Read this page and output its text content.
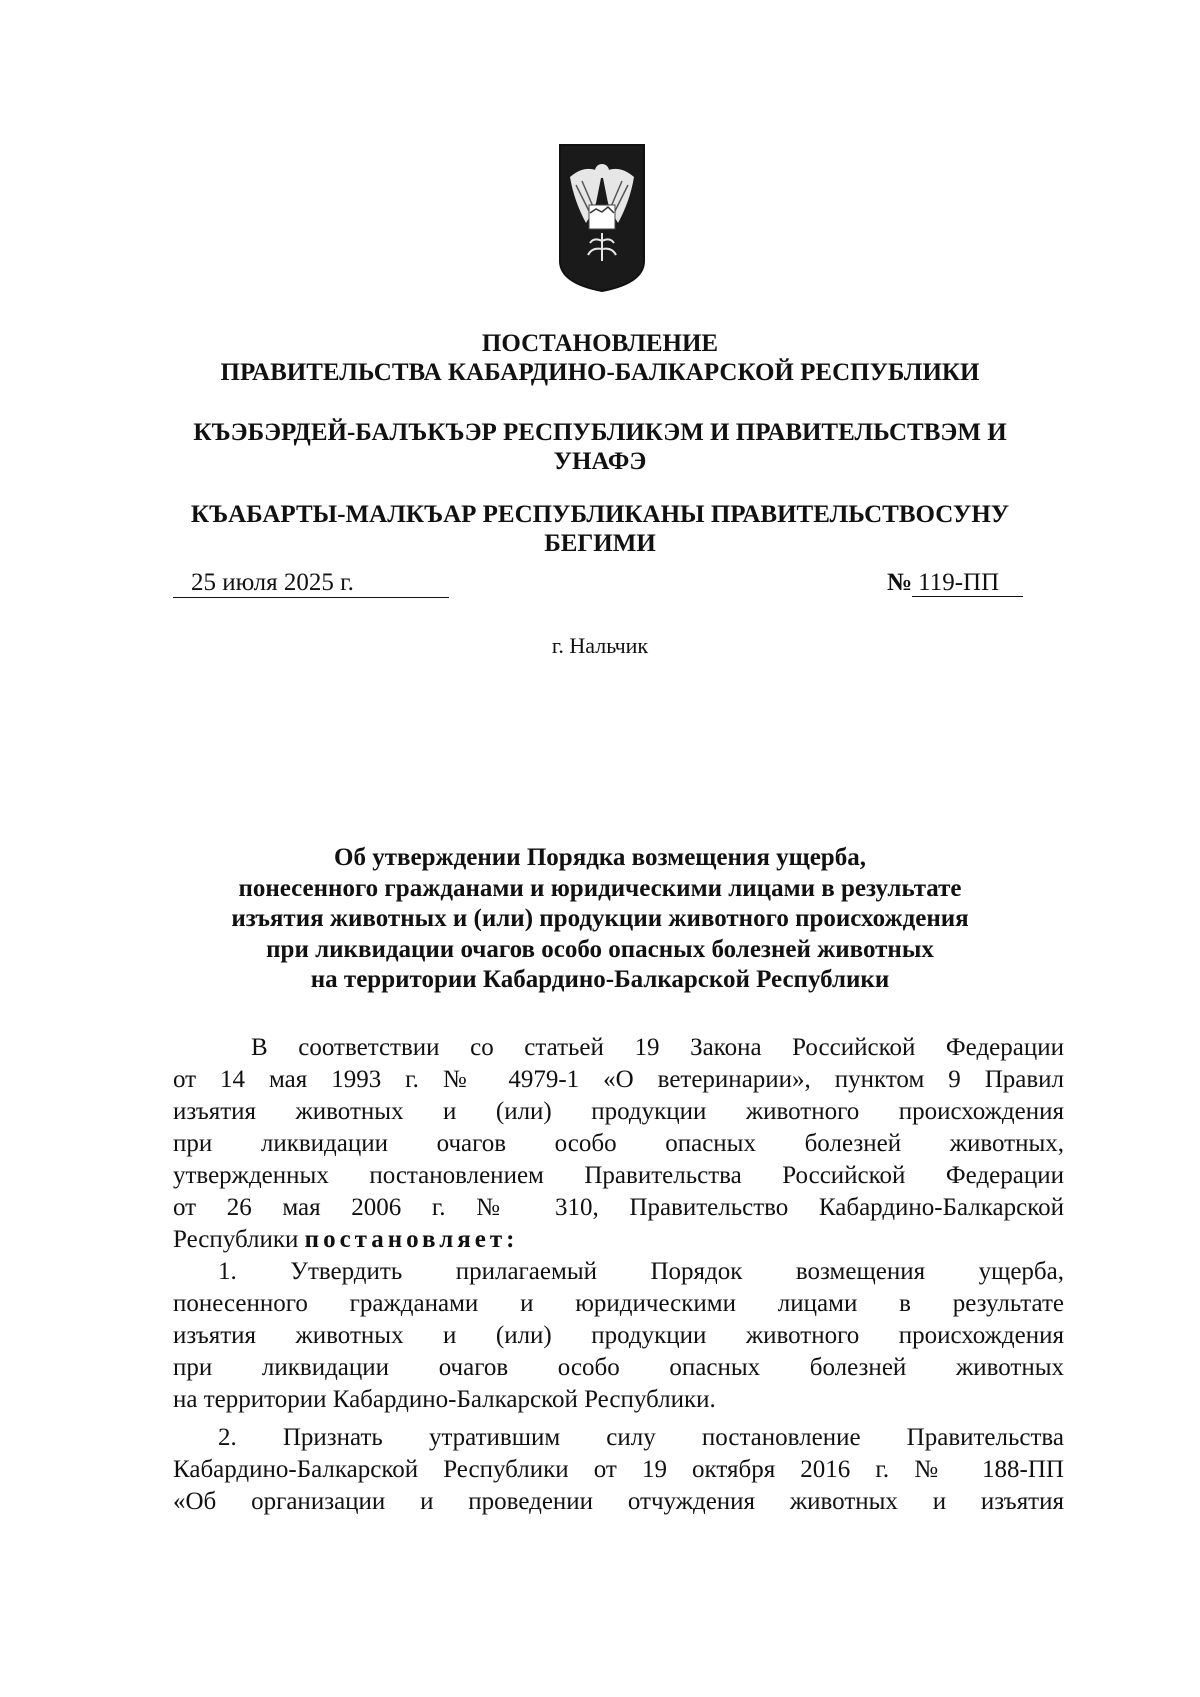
ПОСТАНОВЛЕНИЕ
ПРАВИТЕЛЬСТВА КАБАРДИНО-БАЛКАРСКОЙ РЕСПУБЛИКИ
КЪЭБЭРДЕЙ-БАЛЪКЪЭР РЕСПУБЛИКЭМ И ПРАВИТЕЛЬСТВЭМ И
УНАФЭ
КЪАБАРТЫ-МАЛКЪАР РЕСПУБЛИКАНЫ ПРАВИТЕЛЬСТВОСУНУ
БЕГИМИ
25 июля 2025 г.	№ 119-ПП
г. Нальчик
Об утверждении Порядка возмещения ущерба,
понесенного гражданами и юридическими лицами в результате
изъятия животных и (или) продукции животного происхождения
при ликвидации очагов особо опасных болезней животных
на территории Кабардино-Балкарской Республики
В соответствии со статьей 19 Закона Российской Федерации
от 14 мая 1993 г. № 4979-1 «О ветеринарии», пунктом 9 Правил
изъятия животных и (или) продукции животного происхождения
при ликвидации очагов особо опасных болезней животных,
утвержденных постановлением Правительства Российской Федерации
от 26 мая 2006 г. № 310, Правительство Кабардино-Балкарской
Республики постановляет:
1. Утвердить прилагаемый Порядок возмещения ущерба,
понесенного гражданами и юридическими лицами в результате
изъятия животных и (или) продукции животного происхождения
при ликвидации очагов особо опасных болезней животных
на территории Кабардино-Балкарской Республики.
2. Признать утратившим силу постановление Правительства
Кабардино-Балкарской Республики от 19 октября 2016 г. № 188-ПП
«Об организации и проведении отчуждения животных и изъятия
